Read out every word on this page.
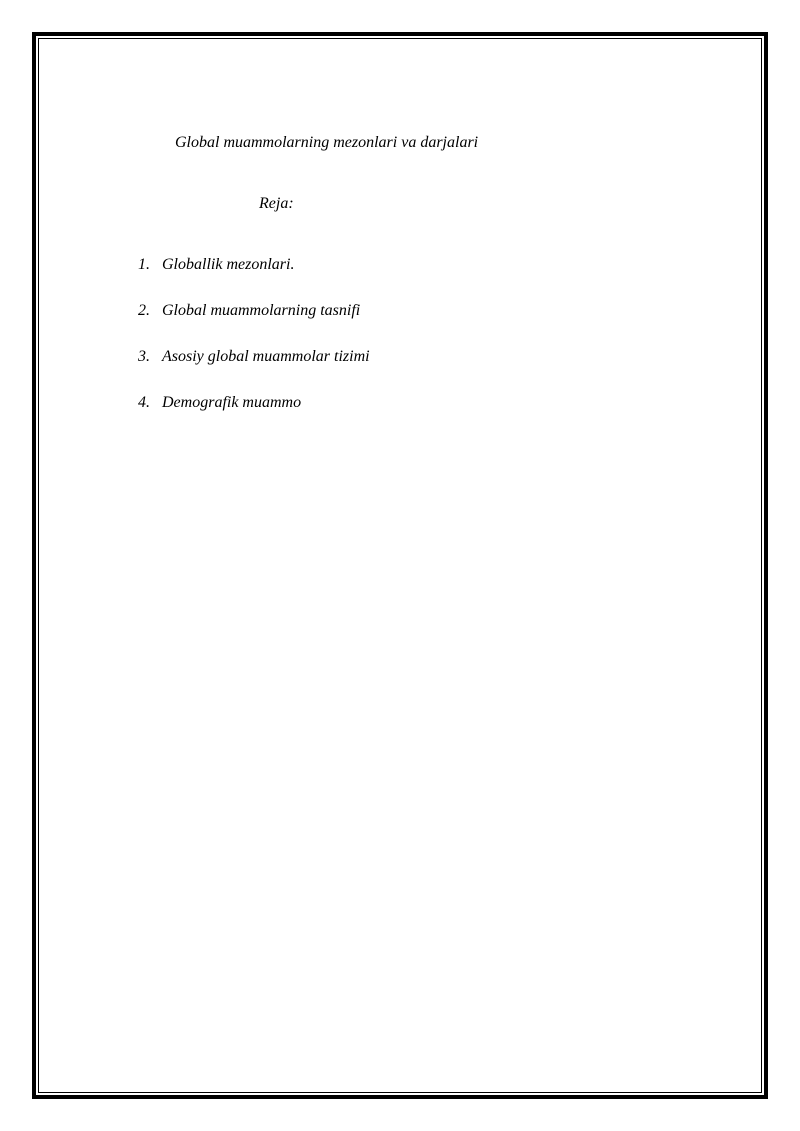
Global muammolarning mezonlari va darjalari
Reja:
1. Globallik mezonlari.
2. Global muammolarning tasnifi
3. Asosiy global muammolar tizimi
4. Demografik muammo
